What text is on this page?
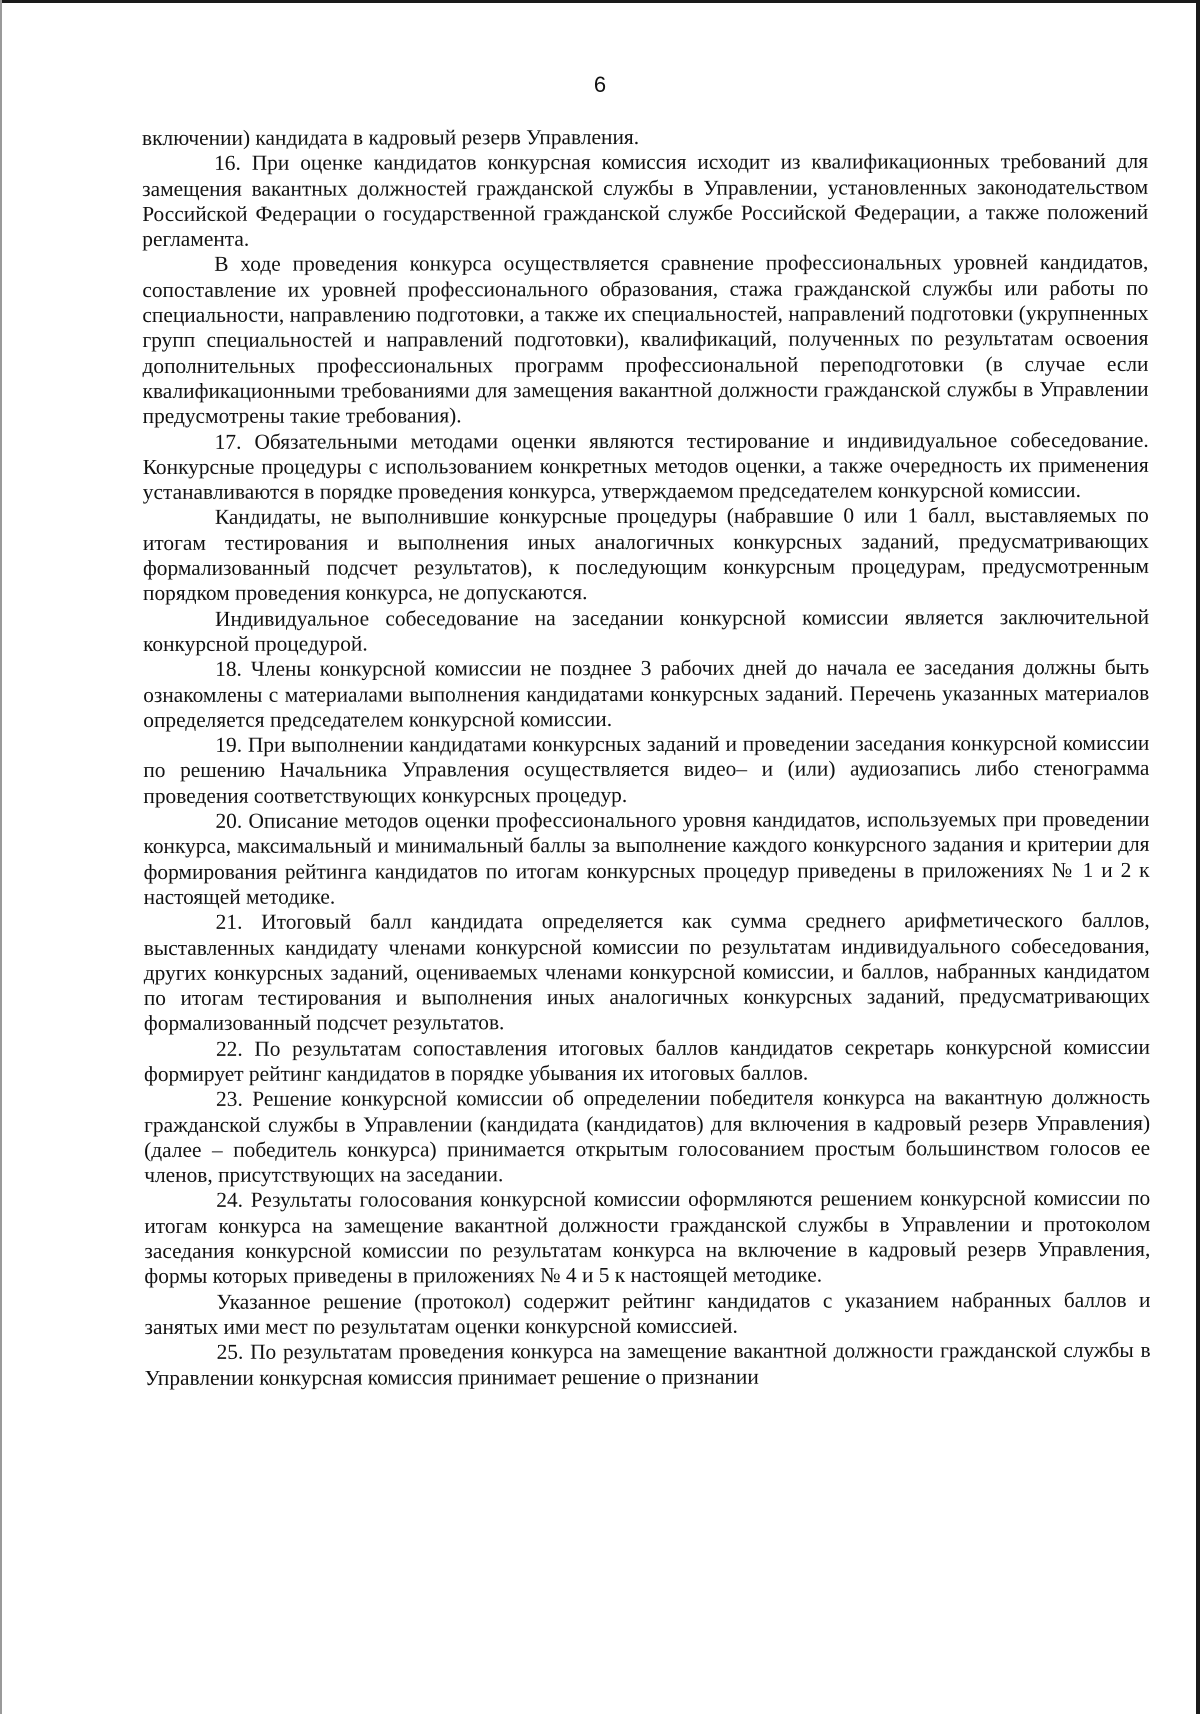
6

включении) кандидата в кадровый резерв Управления.

16. При оценке кандидатов конкурсная комиссия исходит из квалификационных требований для замещения вакантных должностей гражданской службы в Управлении, установленных законодательством Российской Федерации о государственной гражданской службе Российской Федерации, а также положений регламента.

В ходе проведения конкурса осуществляется сравнение профессиональных уровней кандидатов, сопоставление их уровней профессионального образования, стажа гражданской службы или работы по специальности, направлению подготовки, а также их специальностей, направлений подготовки (укрупненных групп специальностей и направлений подготовки), квалификаций, полученных по результатам освоения дополнительных профессиональных программ профессиональной переподготовки (в случае если квалификационными требованиями для замещения вакантной должности гражданской службы в Управлении предусмотрены такие требования).

17. Обязательными методами оценки являются тестирование и индивидуальное собеседование. Конкурсные процедуры с использованием конкретных методов оценки, а также очередность их применения устанавливаются в порядке проведения конкурса, утверждаемом председателем конкурсной комиссии.

Кандидаты, не выполнившие конкурсные процедуры (набравшие 0 или 1 балл, выставляемых по итогам тестирования и выполнения иных аналогичных конкурсных заданий, предусматривающих формализованный подсчет результатов), к последующим конкурсным процедурам, предусмотренным порядком проведения конкурса, не допускаются.

Индивидуальное собеседование на заседании конкурсной комиссии является заключительной конкурсной процедурой.

18. Члены конкурсной комиссии не позднее 3 рабочих дней до начала ее заседания должны быть ознакомлены с материалами выполнения кандидатами конкурсных заданий. Перечень указанных материалов определяется председателем конкурсной комиссии.

19. При выполнении кандидатами конкурсных заданий и проведении заседания конкурсной комиссии по решению Начальника Управления осуществляется видео– и (или) аудиозапись либо стенограмма проведения соответствующих конкурсных процедур.

20. Описание методов оценки профессионального уровня кандидатов, используемых при проведении конкурса, максимальный и минимальный баллы за выполнение каждого конкурсного задания и критерии для формирования рейтинга кандидатов по итогам конкурсных процедур приведены в приложениях № 1 и 2 к настоящей методике.

21. Итоговый балл кандидата определяется как сумма среднего арифметического баллов, выставленных кандидату членами конкурсной комиссии по результатам индивидуального собеседования, других конкурсных заданий, оцениваемых членами конкурсной комиссии, и баллов, набранных кандидатом по итогам тестирования и выполнения иных аналогичных конкурсных заданий, предусматривающих формализованный подсчет результатов.

22. По результатам сопоставления итоговых баллов кандидатов секретарь конкурсной комиссии формирует рейтинг кандидатов в порядке убывания их итоговых баллов.

23. Решение конкурсной комиссии об определении победителя конкурса на вакантную должность гражданской службы в Управлении (кандидата (кандидатов) для включения в кадровый резерв Управления) (далее – победитель конкурса) принимается открытым голосованием простым большинством голосов ее членов, присутствующих на заседании.

24. Результаты голосования конкурсной комиссии оформляются решением конкурсной комиссии по итогам конкурса на замещение вакантной должности гражданской службы в Управлении и протоколом заседания конкурсной комиссии по результатам конкурса на включение в кадровый резерв Управления, формы которых приведены в приложениях № 4 и 5 к настоящей методике.

Указанное решение (протокол) содержит рейтинг кандидатов с указанием набранных баллов и занятых ими мест по результатам оценки конкурсной комиссией.

25. По результатам проведения конкурса на замещение вакантной должности гражданской службы в Управлении конкурсная комиссия принимает решение о признании
